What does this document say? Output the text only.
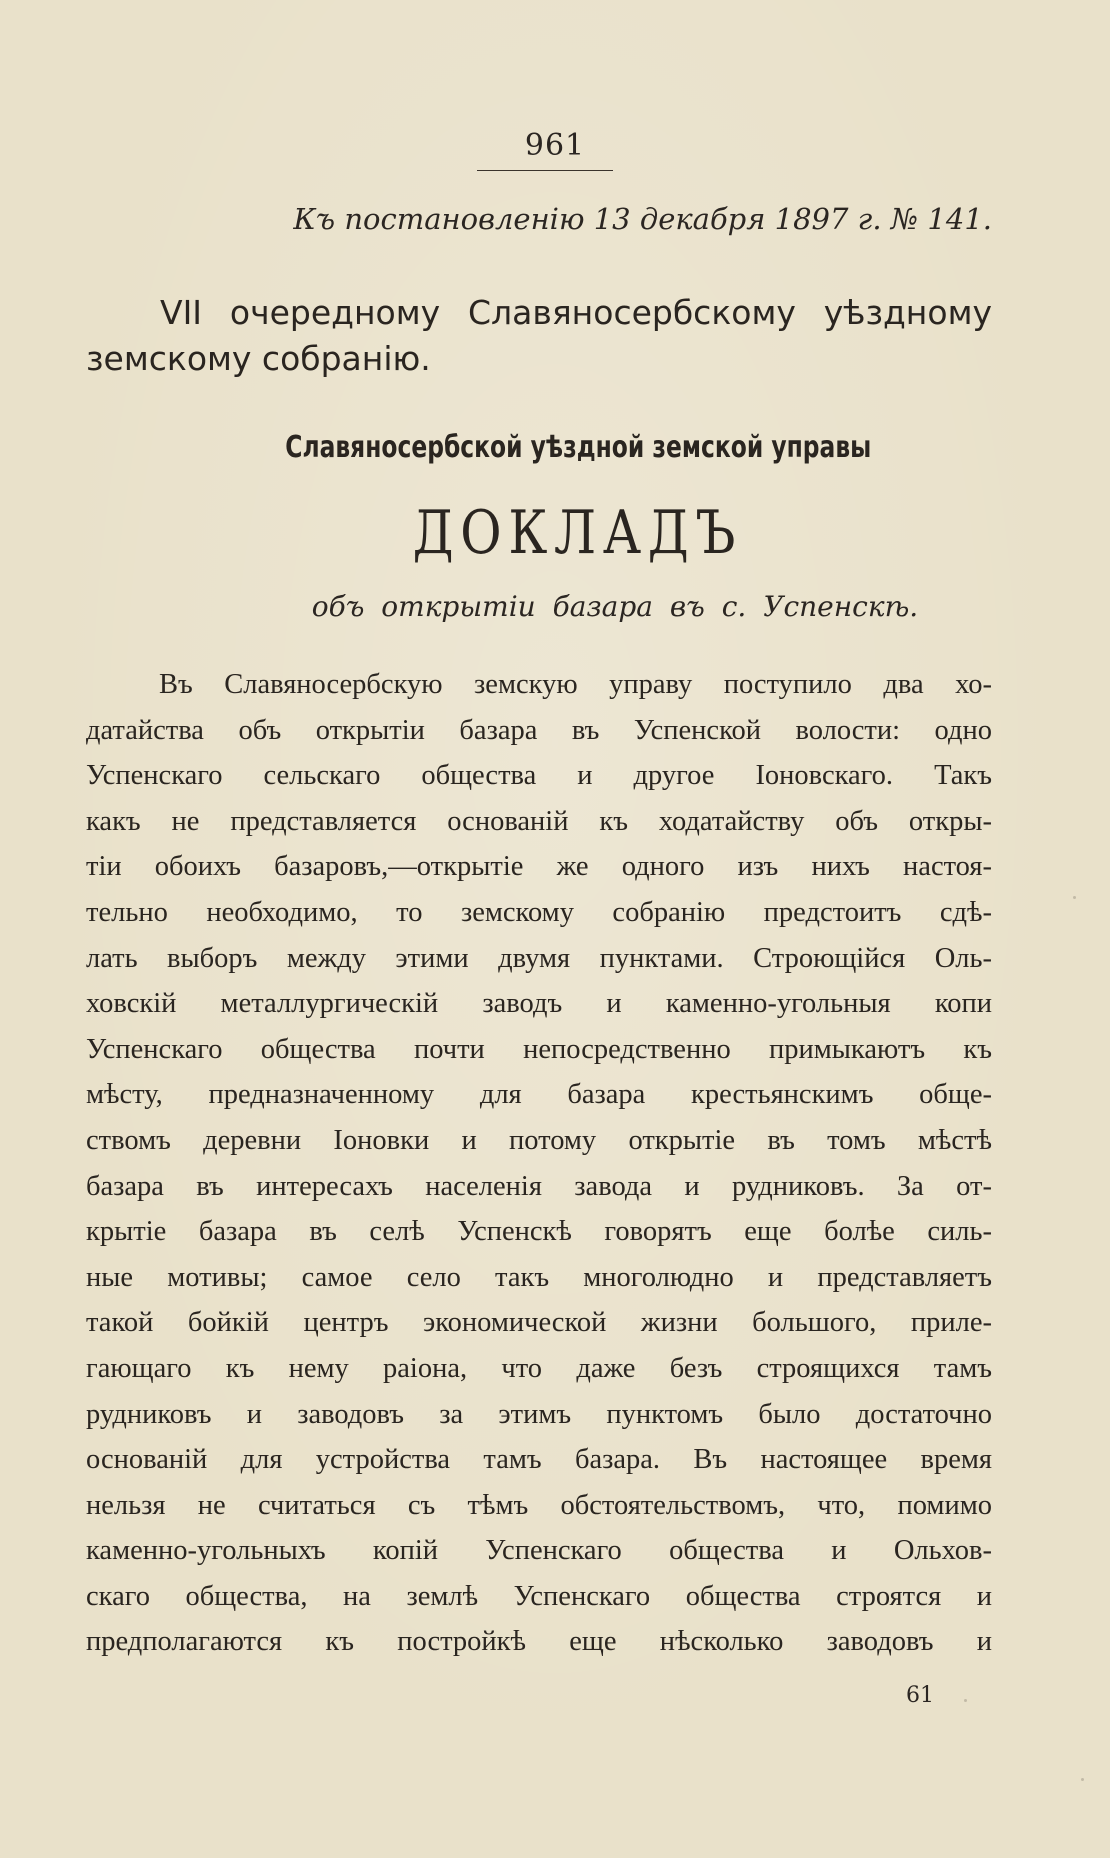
961
Къ постановленію 13 декабря 1897 г. № 141.
VII очередному Славяносербскому уѣздному
земскому собранію.
Славяносербской уѣздной земской управы
ДОКЛАДЪ
объ открытіи базара въ с. Успенскѣ.
Въ Славяносербскую земскую управу поступило два хо-
датайства объ открытіи базара въ Успенской волости: одно
Успенскаго сельскаго общества и другое Іоновскаго. Такъ
какъ не представляется основаній къ ходатайству объ откры-
тіи обоихъ базаровъ,—открытіе же одного изъ нихъ настоя-
тельно необходимо, то земскому собранію предстоитъ сдѣ-
лать выборъ между этими двумя пунктами. Строющійся Оль-
ховскій металлургическій заводъ и каменно-угольныя копи
Успенскаго общества почти непосредственно примыкаютъ къ
мѣсту, предназначенному для базара крестьянскимъ обще-
ствомъ деревни Іоновки и потому открытіе въ томъ мѣстѣ
базара въ интересахъ населенія завода и рудниковъ. За от-
крытіе базара въ селѣ Успенскѣ говорятъ еще болѣе силь-
ные мотивы; самое село такъ многолюдно и представляетъ
такой бойкій центръ экономической жизни большого, приле-
гающаго къ нему раіона, что даже безъ строящихся тамъ
рудниковъ и заводовъ за этимъ пунктомъ было достаточно
основаній для устройства тамъ базара. Въ настоящее время
нельзя не считаться съ тѣмъ обстоятельствомъ, что, помимо
каменно-угольныхъ копій Успенскаго общества и Ольхов-
скаго общества, на землѣ Успенскаго общества строятся и
предполагаются къ постройкѣ еще нѣсколько заводовъ и
61
